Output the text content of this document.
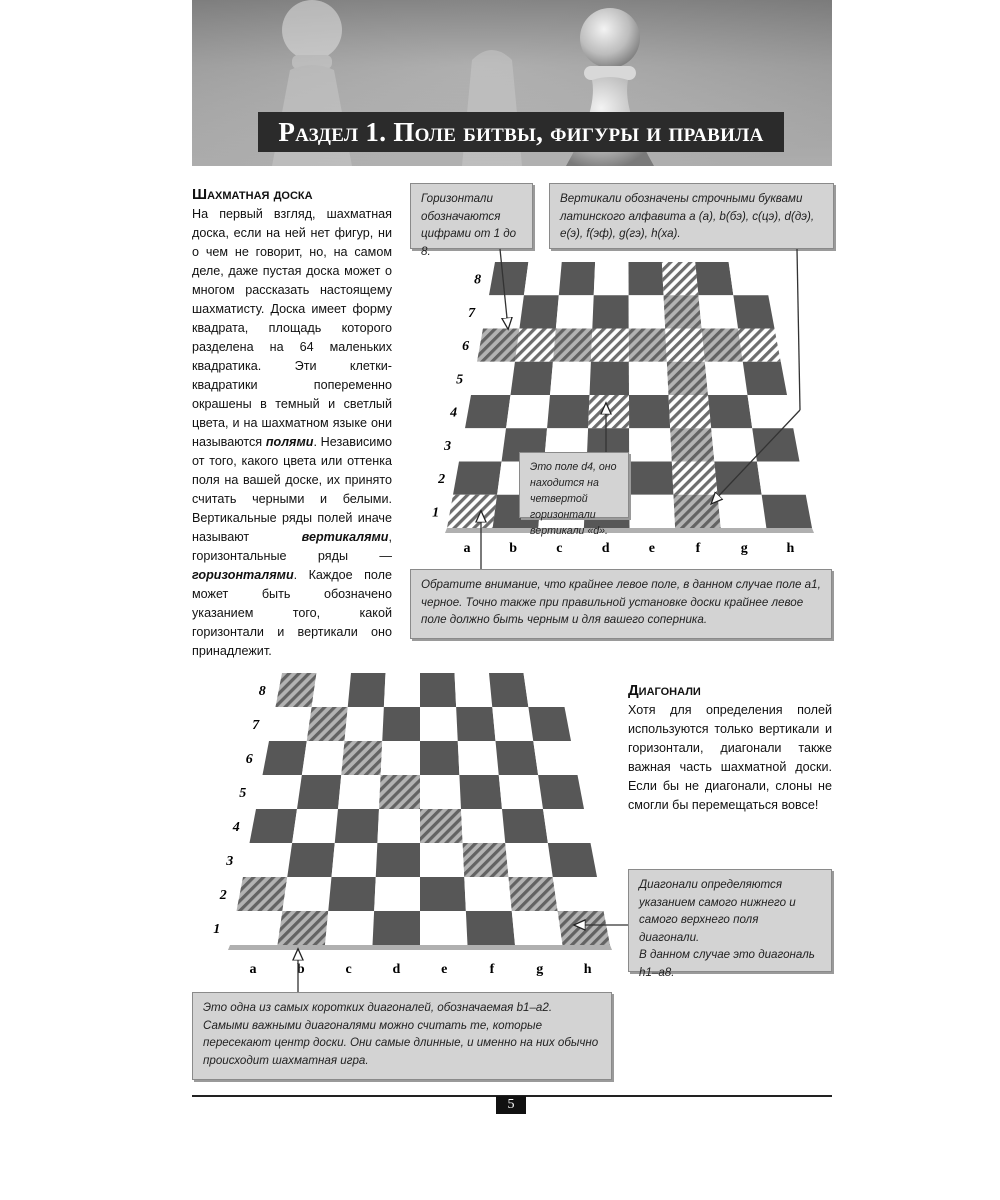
Раздел 1. Поле битвы, фигуры и правила
Шахматная доска
На первый взгляд, шахматная доска, если на ней нет фигур, ни о чем не говорит, но, на самом деле, даже пустая доска может о многом рассказать настоящему шахматисту. Доска имеет форму квадрата, площадь которого разделена на 64 маленьких квадратика. Эти клетки-квадратики попеременно окрашены в темный и светлый цвета, и на шахматном языке они называются полями. Независимо от того, какого цвета или оттенка поля на вашей доске, их принято считать черными и белыми. Вертикальные ряды полей иначе называют вертикалями, горизонтальные ряды — горизонталями. Каждое поле может быть обозначено указанием того, какой горизонтали и вертикали оно принадлежит.
Горизонтали обозначаются цифрами от 1 до 8.
Вертикали обозначены строчными буквами латинского алфавита a (а), b(бэ), c(цэ), d(дэ), e(э), f(эф), g(гэ), h(ха).
8
7
6
5
4
3
2
1
a	b	c	d	e	f	g	h
Это поле d4, оно находится на четвертой горизонтали вертикали «d».
Обратите внимание, что крайнее левое поле, в данном случае поле а1, черное. Точно также при правильной установке доски крайнее левое поле должно быть черным и для вашего соперника.
Диагонали
Хотя для определения полей используются только вертикали и горизонтали, диагонали также важная часть шахматной доски. Если бы не диагонали, слоны не смогли бы перемещаться вовсе!
8
7
6
5
4
3
2
1
a	b	c	d	e	f	g	h
Диагонали определяются указанием самого нижнего и самого верхнего поля диагонали.
В данном случае это диагональ h1–a8.
Это одна из самых коротких диагоналей, обозначаемая b1–a2. Самыми важными диагоналями можно считать те, которые пересекают центр доски. Они самые длинные, и именно на них обычно происходит шахматная игра.
5
